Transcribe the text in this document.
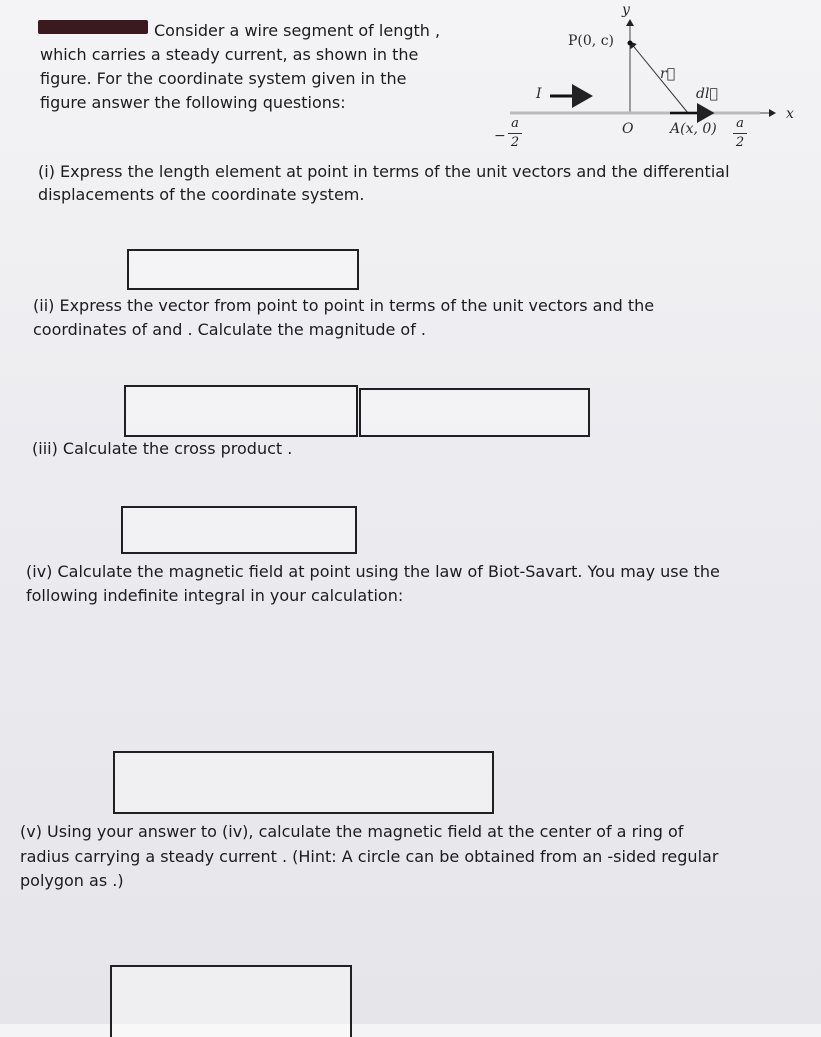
Consider a wire segment of length ,
which carries a steady current, as shown in the
figure. For the coordinate system given in the
figure answer the following questions:
y
x
P(0, c)
r⃗
dl⃗
I
O	A(x, 0)
−
a
2
a
2
(i) Express the length element at point in terms of the unit vectors and the differential
displacements of the coordinate system.
(ii) Express the vector from point to point in terms of the unit vectors and the
coordinates of and . Calculate the magnitude of .
(iii) Calculate the cross product .
(iv) Calculate the magnetic field at point using the law of Biot-Savart. You may use the
following indefinite integral in your calculation:
(v) Using your answer to (iv), calculate the magnetic field at the center of a ring of
radius carrying a steady current . (Hint: A circle can be obtained from an -sided regular
polygon as .)
